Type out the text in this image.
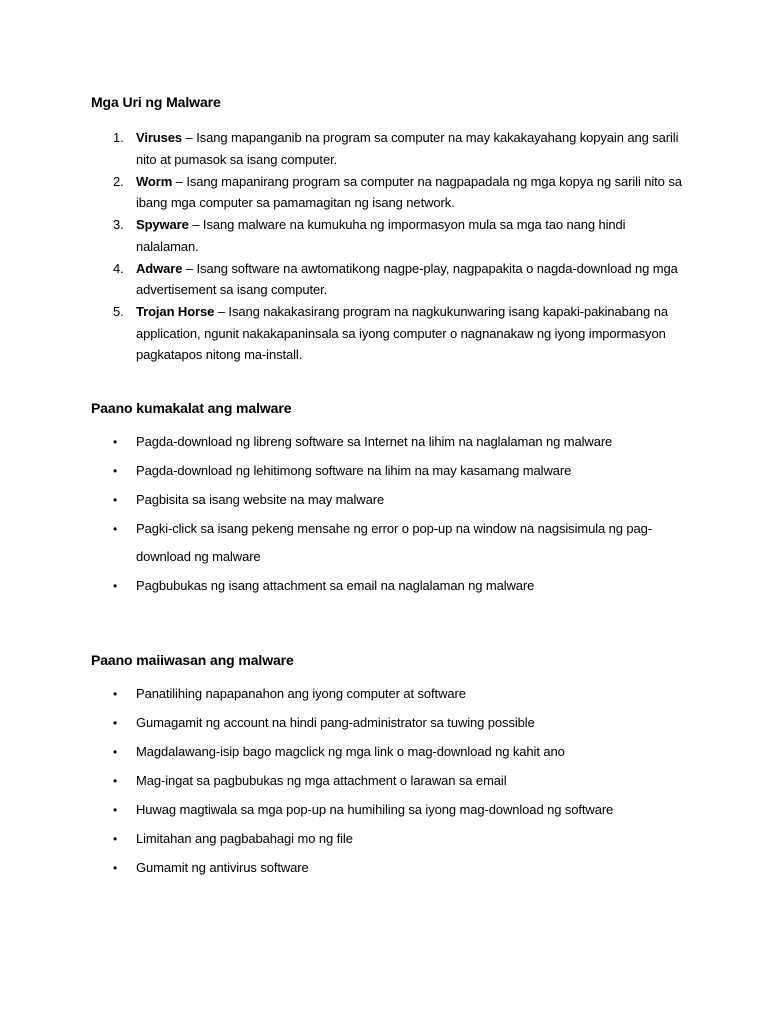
Mga Uri ng Malware
1. Viruses – Isang mapanganib na program sa computer na may kakakayahang kopyain ang sarili nito at pumasok sa isang computer.
2. Worm – Isang mapanirang program sa computer na nagpapadala ng mga kopya ng sarili nito sa ibang mga computer sa pamamagitan ng isang network.
3. Spyware – Isang malware na kumukuha ng impormasyon mula sa mga tao nang hindi nalalaman.
4. Adware – Isang software na awtomatikong nagpe-play, nagpapakita o nagda-download ng mga advertisement sa isang computer.
5. Trojan Horse – Isang nakakasirang program na nagkukunwaring isang kapaki-pakinabang na application, ngunit nakakapaninsala sa iyong computer o nagnanakaw ng iyong impormasyon pagkatapos nitong ma-install.
Paano kumakalat ang malware
• Pagda-download ng libreng software sa Internet na lihim na naglalaman ng malware
• Pagda-download ng lehitimong software na lihim na may kasamang malware
• Pagbisita sa isang website na may malware
• Pagki-click sa isang pekeng mensahe ng error o pop-up na window na nagsisimula ng pag-download ng malware
• Pagbubukas ng isang attachment sa email na naglalaman ng malware
Paano maiiwasan ang malware
• Panatilihing napapanahon ang iyong computer at software
• Gumagamit ng account na hindi pang-administrator sa tuwing possible
• Magdalawang-isip bago magclick ng mga link o mag-download ng kahit ano
• Mag-ingat sa pagbubukas ng mga attachment o larawan sa email
• Huwag magtiwala sa mga pop-up na humihiling sa iyong mag-download ng software
• Limitahan ang pagbabahagi mo ng file
• Gumamit ng antivirus software
